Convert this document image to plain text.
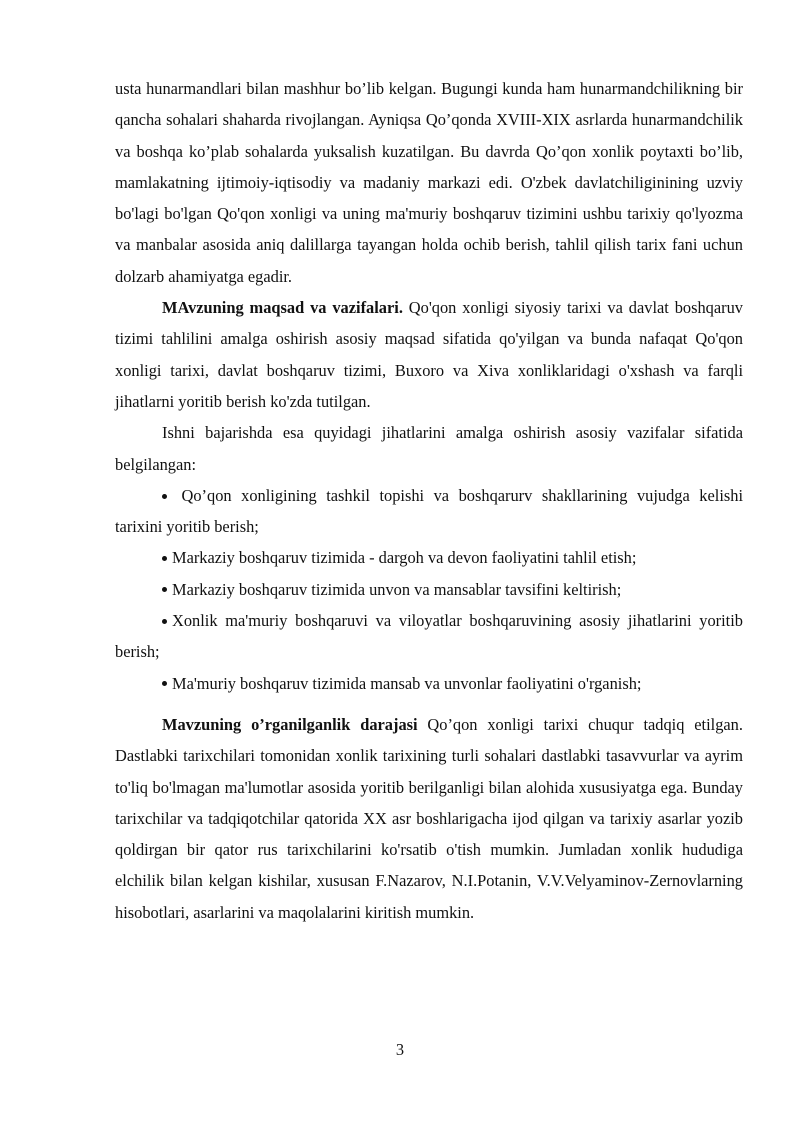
usta hunarmandlari bilan mashhur bo’lib kelgan. Bugungi kunda ham hunarmandchilikning bir qancha sohalari shaharda rivojlangan. Ayniqsa Qo’qonda XVIII-XIX asrlarda hunarmandchilik va boshqa ko’plab sohalarda yuksalish kuzatilgan. Bu davrda Qo’qon xonlik poytaxti bo’lib, mamlakatning ijtimoiy-iqtisodiy va madaniy markazi edi. O'zbek davlatchiliginining uzviy bo'lagi bo'lgan Qo'qon xonligi va uning ma'muriy boshqaruv tizimini ushbu tarixiy qo'lyozma va manbalar asosida aniq dalillarga tayangan holda ochib berish, tahlil qilish tarix fani uchun dolzarb ahamiyatga egadir.

MAvzuning maqsad va vazifalari. Qo'qon xonligi siyosiy tarixi va davlat boshqaruv tizimi tahlilini amalga oshirish asosiy maqsad sifatida qo'yilgan va bunda nafaqat Qo'qon xonligi tarixi, davlat boshqaruv tizimi, Buxoro va Xiva xonliklaridagi o'xshash va farqli jihatlarni yoritib berish ko'zda tutilgan.

Ishni bajarishda esa quyidagi jihatlarini amalga oshirish asosiy vazifalar sifatida belgilangan:

Qo’qon xonligining tashkil topishi va boshqarurv shakllarining vujudga kelishi tarixini yoritib berish;
Markaziy boshqaruv tizimida - dargoh va devon faoliyatini tahlil etish;
Markaziy boshqaruv tizimida unvon va mansablar tavsifini keltirish;
Xonlik ma'muriy boshqaruvi va viloyatlar boshqaruvining asosiy jihatlarini yoritib berish;
Ma'muriy boshqaruv tizimida mansab va unvonlar faoliyatini o'rganish;

Mavzuning o’rganilganlik darajasi Qo’qon xonligi tarixi chuqur tadqiq etilgan. Dastlabki tarixchilari tomonidan xonlik tarixining turli sohalari dastlabki tasavvurlar va ayrim to'liq bo'lmagan ma'lumotlar asosida yoritib berilganligi bilan alohida xususiyatga ega. Bunday tarixchilar va tadqiqotchilar qatorida XX asr boshlarigacha ijod qilgan va tarixiy asarlar yozib qoldirgan bir qator rus tarixchilarini ko'rsatib o'tish mumkin. Jumladan xonlik hududiga elchilik bilan kelgan kishilar, xususan F.Nazarov, N.I.Potanin, V.V.Velyaminov-Zernovlarning hisobotlari, asarlarini va maqolalarini kiritish mumkin.

3
